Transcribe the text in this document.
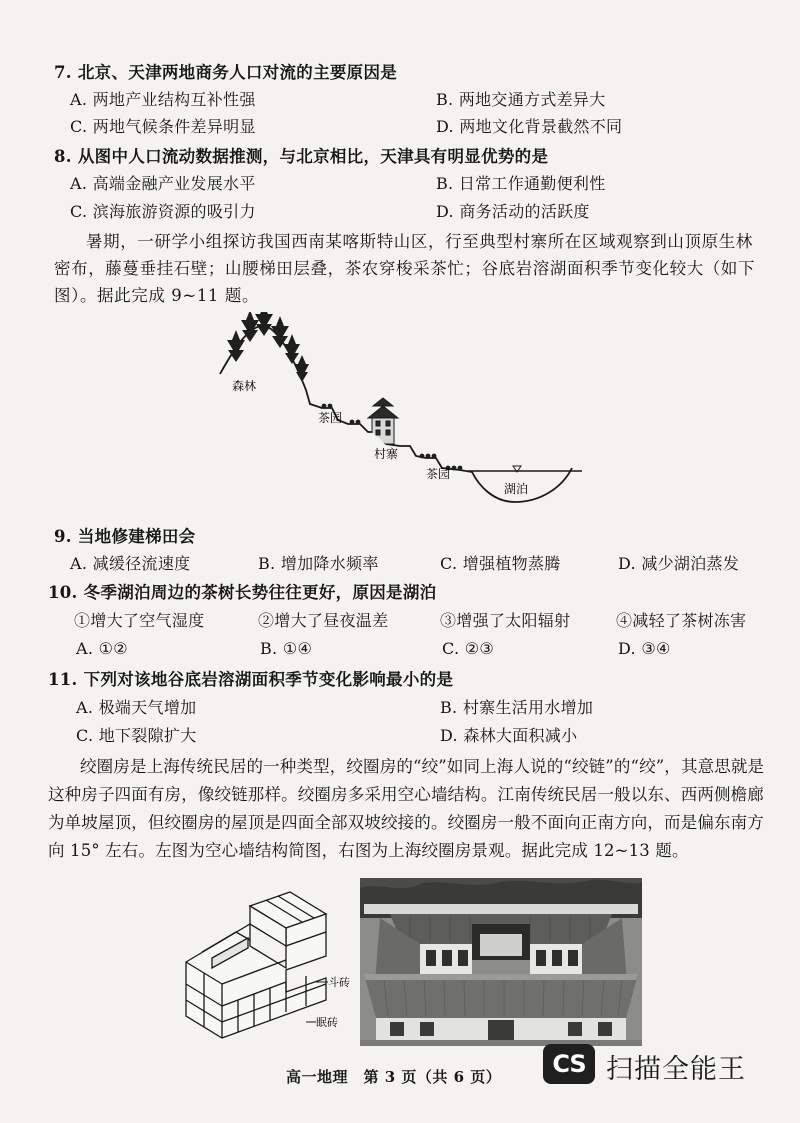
7. 北京、天津两地商务人口对流的主要原因是
A. 两地产业结构互补性强	B. 两地交通方式差异大
C. 两地气候条件差异明显	D. 两地文化背景截然不同
8. 从图中人口流动数据推测，与北京相比，天津具有明显优势的是
A. 高端金融产业发展水平	B. 日常工作通勤便利性
C. 滨海旅游资源的吸引力	D. 商务活动的活跃度
暑期，一研学小组探访我国西南某喀斯特山区，行至典型村寨所在区域观察到山顶原生林
密布，藤蔓垂挂石壁；山腰梯田层叠，茶农穿梭采茶忙；谷底岩溶湖面积季节变化较大（如下
图）。据此完成 9~11 题。
森林
茶园
村寨
茶园
湖泊
9. 当地修建梯田会
A. 减缓径流速度	B. 增加降水频率	C. 增强植物蒸腾	D. 减少湖泊蒸发
10. 冬季湖泊周边的茶树长势往往更好，原因是湖泊
①增大了空气湿度	②增大了昼夜温差	③增强了太阳辐射	④减轻了茶树冻害
A. ①②	B. ①④	C. ②③	D. ③④
11. 下列对该地谷底岩溶湖面积季节变化影响最小的是
A. 极端天气增加	B. 村寨生活用水增加
C. 地下裂隙扩大	D. 森林大面积减小
绞圈房是上海传统民居的一种类型，绞圈房的“绞”如同上海人说的“绞链”的“绞”，其意思就是
这种房子四面有房，像绞链那样。绞圈房多采用空心墙结构。江南传统民居一般以东、西两侧檐廊
为单坡屋顶，但绞圈房的屋顶是四面全部双坡绞接的。绞圈房一般不面向正南方向，而是偏东南方
向 15° 左右。左图为空心墙结构简图，右图为上海绞圈房景观。据此完成 12~13 题。
斗砖
眠砖
高一地理　第 3 页（共 6 页）	CS 扫描全能王
